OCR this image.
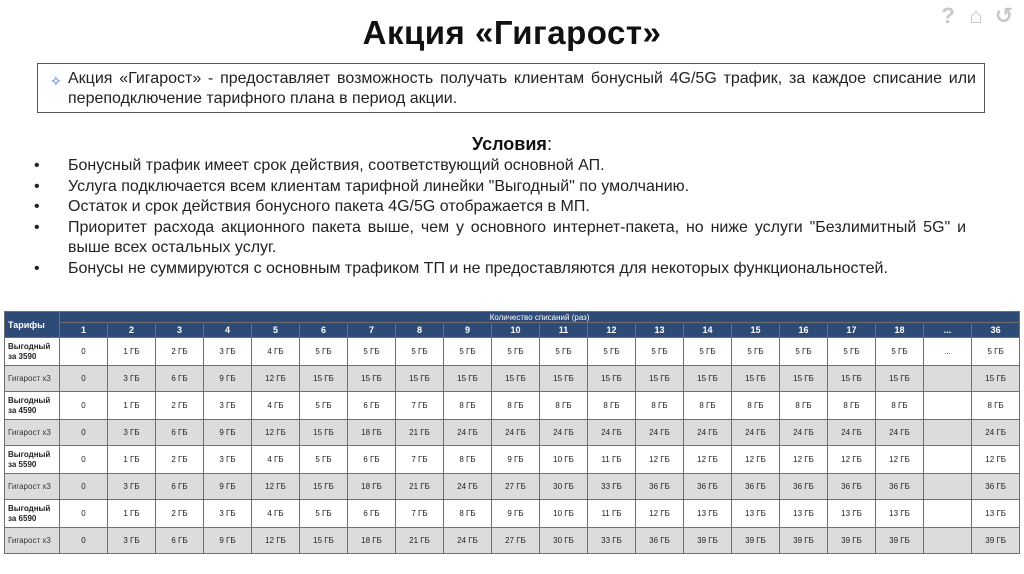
Акция «Гигарост»	? ⌂ ↺
✧ Акция «Гигарост» - предоставляет возможность получать клиентам бонусный 4G/5G трафик, за каждое списание или переподключение тарифного плана в период акции.
Условия:
• Бонусный трафик имеет срок действия, соответствующий основной АП.
• Услуга подключается всем клиентам тарифной линейки "Выгодный" по умолчанию.
• Остаток и срок действия бонусного пакета 4G/5G отображается в МП.
• Приоритет расхода акционного пакета выше, чем у основного интернет-пакета, но ниже услуги "Безлимитный 5G" и выше всех остальных услуг.
• Бонусы не суммируются с основным трафиком ТП и не предоставляются для некоторых функциональностей.
Тарифы	Количество списаний (раз)																			
	1	2	3	4	5	6	7	8	9	10	11	12	13	14	15	16	17	18	...	36
Выгодный за 3590	0	1 ГБ	2 ГБ	3 ГБ	4 ГБ	5 ГБ	5 ГБ	5 ГБ	5 ГБ	5 ГБ	5 ГБ	5 ГБ	5 ГБ	5 ГБ	5 ГБ	5 ГБ	5 ГБ	5 ГБ	...	5 ГБ
Гигарост х3	0	3 ГБ	6 ГБ	9 ГБ	12 ГБ	15 ГБ	15 ГБ	15 ГБ	15 ГБ	15 ГБ	15 ГБ	15 ГБ	15 ГБ	15 ГБ	15 ГБ	15 ГБ	15 ГБ	15 ГБ		15 ГБ
Выгодный за 4590	0	1 ГБ	2 ГБ	3 ГБ	4 ГБ	5 ГБ	6 ГБ	7 ГБ	8 ГБ	8 ГБ	8 ГБ	8 ГБ	8 ГБ	8 ГБ	8 ГБ	8 ГБ	8 ГБ	8 ГБ		8 ГБ
Гигарост х3	0	3 ГБ	6 ГБ	9 ГБ	12 ГБ	15 ГБ	18 ГБ	21 ГБ	24 ГБ	24 ГБ	24 ГБ	24 ГБ	24 ГБ	24 ГБ	24 ГБ	24 ГБ	24 ГБ	24 ГБ		24 ГБ
Выгодный за 5590	0	1 ГБ	2 ГБ	3 ГБ	4 ГБ	5 ГБ	6 ГБ	7 ГБ	8 ГБ	9 ГБ	10 ГБ	11 ГБ	12 ГБ	12 ГБ	12 ГБ	12 ГБ	12 ГБ	12 ГБ		12 ГБ
Гигарост х3	0	3 ГБ	6 ГБ	9 ГБ	12 ГБ	15 ГБ	18 ГБ	21 ГБ	24 ГБ	27 ГБ	30 ГБ	33 ГБ	36 ГБ	36 ГБ	36 ГБ	36 ГБ	36 ГБ	36 ГБ		36 ГБ
Выгодный за 6590	0	1 ГБ	2 ГБ	3 ГБ	4 ГБ	5 ГБ	6 ГБ	7 ГБ	8 ГБ	9 ГБ	10 ГБ	11 ГБ	12 ГБ	13 ГБ	13 ГБ	13 ГБ	13 ГБ	13 ГБ		13 ГБ
Гигарост х3	0	3 ГБ	6 ГБ	9 ГБ	12 ГБ	15 ГБ	18 ГБ	21 ГБ	24 ГБ	27 ГБ	30 ГБ	33 ГБ	36 ГБ	39 ГБ	39 ГБ	39 ГБ	39 ГБ	39 ГБ		39 ГБ
